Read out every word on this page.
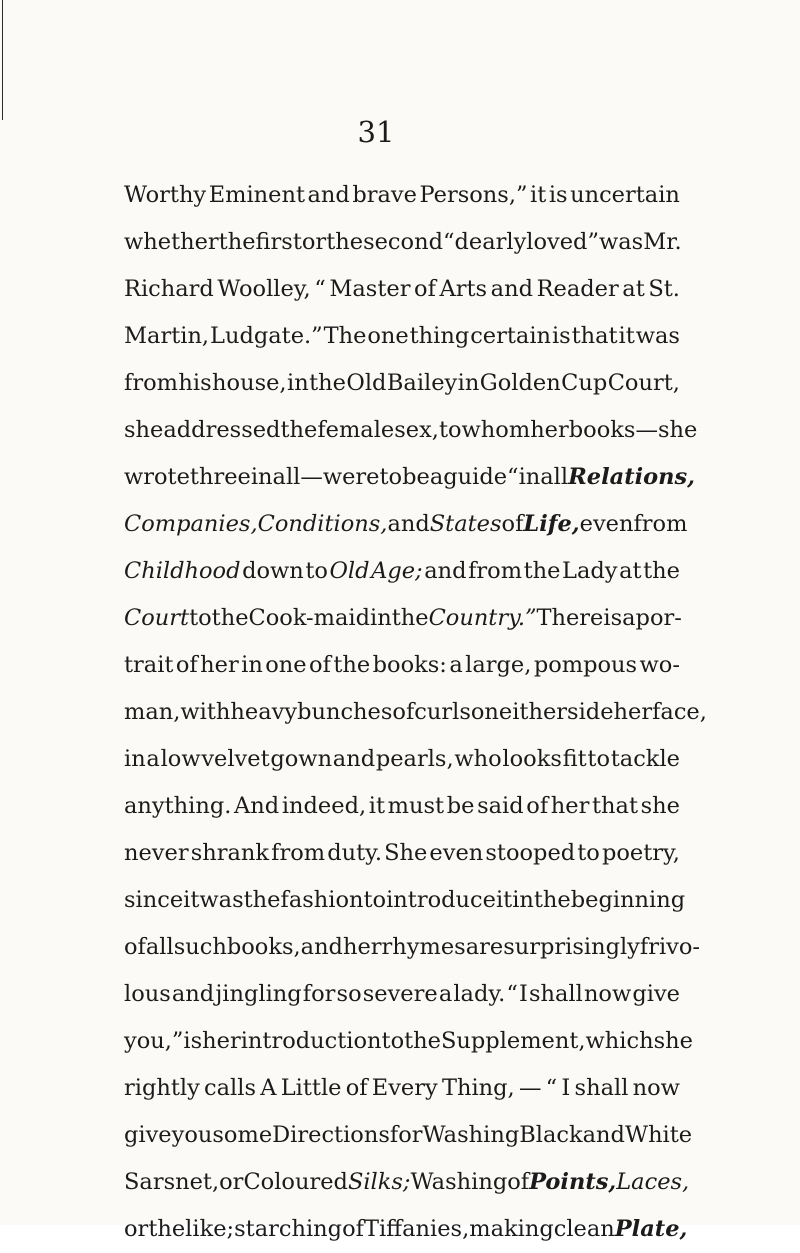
31
Worthy Eminent and brave Persons,” it is uncertain
whether the first or the second “ dearly loved ” was Mr.
Richard Woolley, “ Master of Arts and Reader at St.
Martin, Ludgate.” The one thing certain is that it was
from his house, in the Old Bailey in Golden Cup Court,
she addressed the female sex, to whom her books — she
wrote three in all — were to be a guide “ in all Relations,
Companies, Conditions, and States of Life, even from
Childhood down to Old Age; and from the Lady at the
Court to the Cook-maid in the Country.” There is a por-
trait of her in one of the books: a large, pompous wo-
man, with heavy bunches of curls on either side her face,
in a low velvet gown and pearls, who looks fit to tackle
anything. And indeed, it must be said of her that she
never shrank from duty. She even stooped to poetry,
since it was the fashion to introduce it in the beginning
of all such books, and her rhymes are surprisingly frivo-
lous and jingling for so severe a lady. “ I shall now give
you,” is her introduction to the Supplement, which she
rightly calls A Little of Every Thing, — “ I shall now
give you some Directions for Washing Black and White
Sarsnet, or Coloured Silks; Washing of Points, Laces,
or the like; starching of Tiffanies, making clean Plate,
